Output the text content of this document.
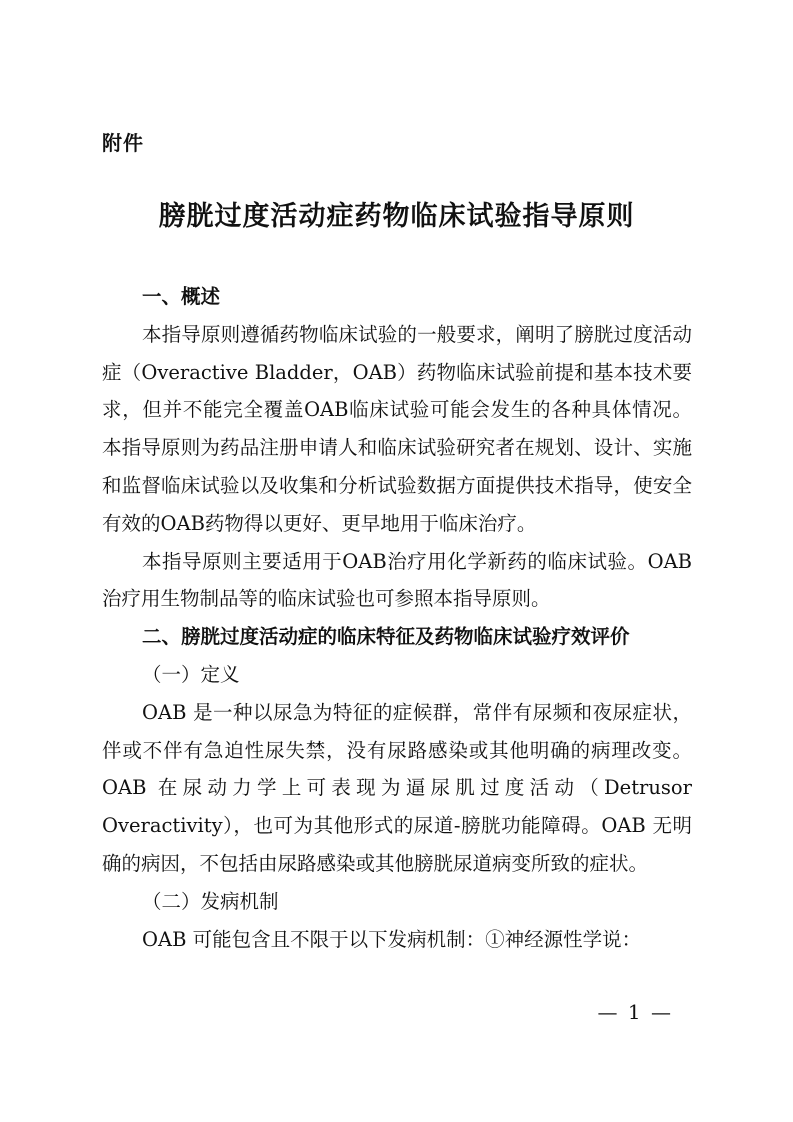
附件
膀胱过度活动症药物临床试验指导原则

一、概述

本指导原则遵循药物临床试验的一般要求，阐明了膀胱过度活动症（Overactive Bladder，OAB）药物临床试验前提和基本技术要求，但并不能完全覆盖OAB临床试验可能会发生的各种具体情况。本指导原则为药品注册申请人和临床试验研究者在规划、设计、实施和监督临床试验以及收集和分析试验数据方面提供技术指导，使安全有效的OAB药物得以更好、更早地用于临床治疗。

本指导原则主要适用于OAB治疗用化学新药的临床试验。OAB治疗用生物制品等的临床试验也可参照本指导原则。

二、膀胱过度活动症的临床特征及药物临床试验疗效评价

（一）定义

OAB 是一种以尿急为特征的症候群，常伴有尿频和夜尿症状，伴或不伴有急迫性尿失禁，没有尿路感染或其他明确的病理改变。OAB 在尿动力学上可表现为逼尿肌过度活动（Detrusor Overactivity），也可为其他形式的尿道-膀胱功能障碍。OAB 无明确的病因，不包括由尿路感染或其他膀胱尿道病变所致的症状。

（二）发病机制

OAB 可能包含且不限于以下发病机制：①神经源性学说：

— 1 —
